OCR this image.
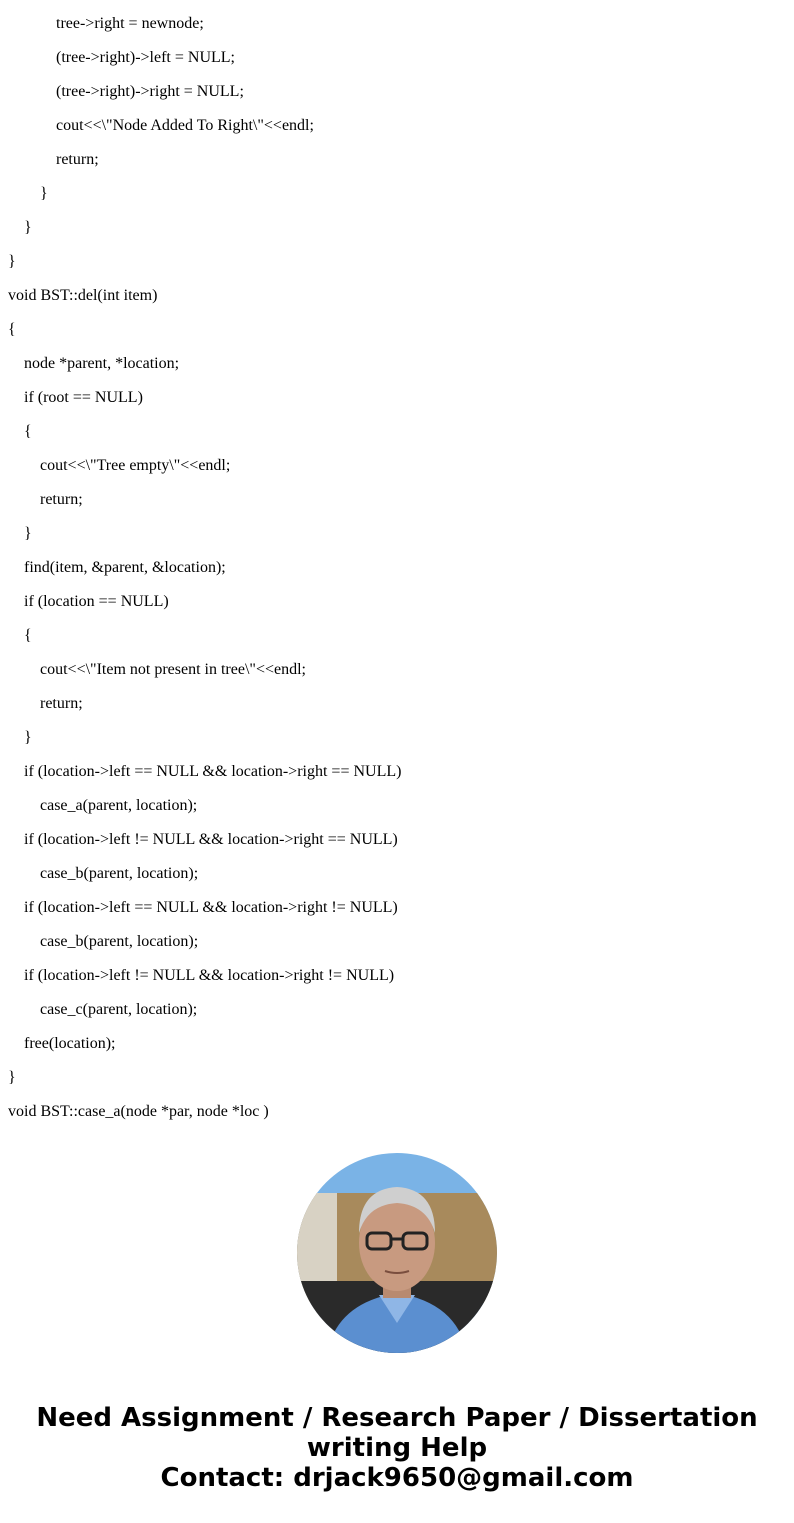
tree->right = newnode;
(tree->right)->left = NULL;
(tree->right)->right = NULL;
cout<<\"Node Added To Right\"<<endl;
return;
}
}
}
void BST::del(int item)
{
node *parent, *location;
if (root == NULL)
{
cout<<\"Tree empty\"<<endl;
return;
}
find(item, &parent, &location);
if (location == NULL)
{
cout<<\"Item not present in tree\"<<endl;
return;
}
if (location->left == NULL && location->right == NULL)
case_a(parent, location);
if (location->left != NULL && location->right == NULL)
case_b(parent, location);
if (location->left == NULL && location->right != NULL)
case_b(parent, location);
if (location->left != NULL && location->right != NULL)
case_c(parent, location);
free(location);
}
void BST::case_a(node *par, node *loc )
Need Assignment / Research Paper / Dissertation
writing Help
Contact: drjack9650@gmail.com
